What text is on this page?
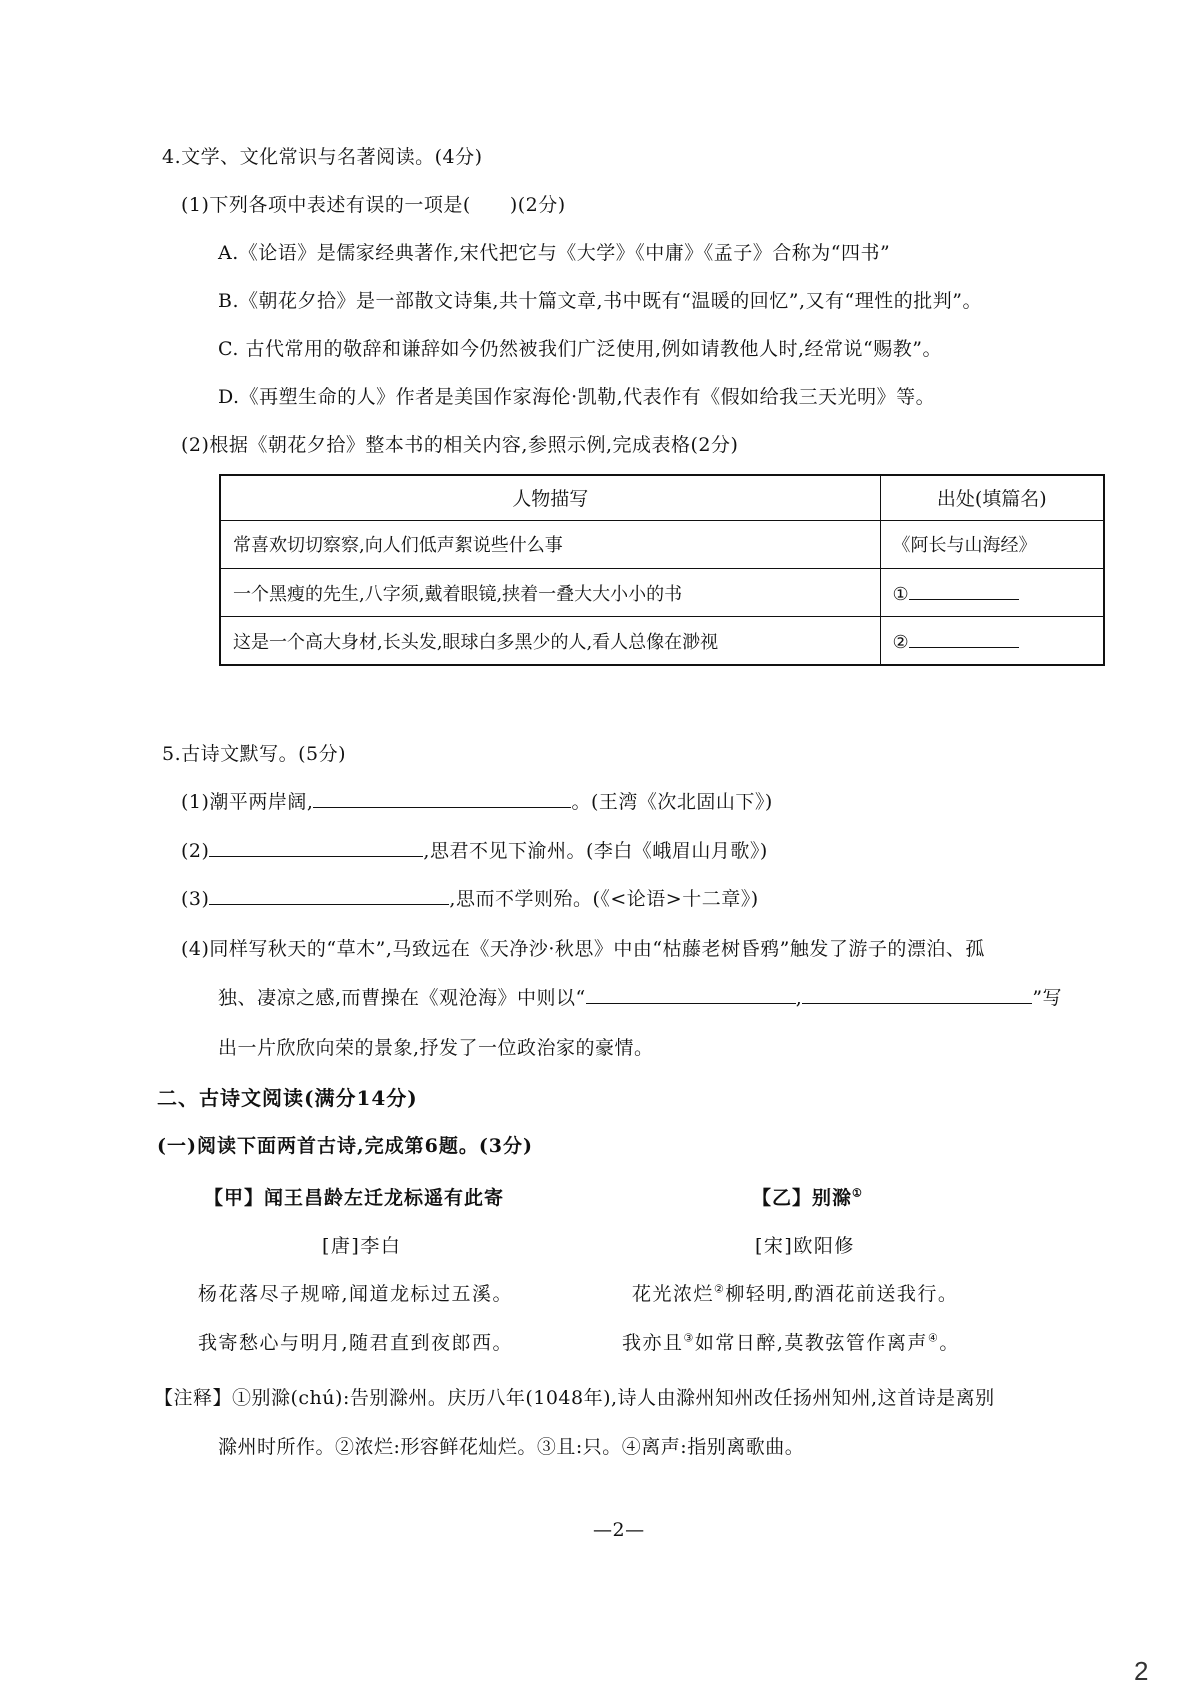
4.文学、文化常识与名著阅读。(4分)
(1)下列各项中表述有误的一项是(　　)(2分)
A.《论语》是儒家经典著作,宋代把它与《大学》《中庸》《孟子》合称为“四书”
B.《朝花夕拾》是一部散文诗集,共十篇文章,书中既有“温暖的回忆”,又有“理性的批判”。
C. 古代常用的敬辞和谦辞如今仍然被我们广泛使用,例如请教他人时,经常说“赐教”。
D.《再塑生命的人》作者是美国作家海伦·凯勒,代表作有《假如给我三天光明》等。
(2)根据《朝花夕拾》整本书的相关内容,参照示例,完成表格(2分)
人物描写	出处(填篇名)
常喜欢切切察察,向人们低声絮说些什么事	《阿长与山海经》
一个黑瘦的先生,八字须,戴着眼镜,挟着一叠大大小小的书	①
这是一个高大身材,长头发,眼球白多黑少的人,看人总像在渺视	②
5.古诗文默写。(5分)
(1)潮平两岸阔,	。(王湾《次北固山下》)
(2)	,思君不见下渝州。(李白《峨眉山月歌》)
(3)	,思而不学则殆。(《<论语>十二章》)
(4)同样写秋天的“草木”,马致远在《天净沙·秋思》中由“枯藤老树昏鸦”触发了游子的漂泊、孤
独、凄凉之感,而曹操在《观沧海》中则以“	,	”写
出一片欣欣向荣的景象,抒发了一位政治家的豪情。
二、古诗文阅读(满分14分)
(一)阅读下面两首古诗,完成第6题。(3分)
【甲】闻王昌龄左迁龙标遥有此寄
[唐]李白
杨花落尽子规啼,闻道龙标过五溪。
我寄愁心与明月,随君直到夜郎西。
【乙】别滁①
[宋]欧阳修
花光浓烂②柳轻明,酌酒花前送我行。
我亦且③如常日醉,莫教弦管作离声④。
【注释】①别滁(chú):告别滁州。庆历八年(1048年),诗人由滁州知州改任扬州知州,这首诗是离别
滁州时所作。②浓烂:形容鲜花灿烂。③且:只。④离声:指别离歌曲。
—2—
2
